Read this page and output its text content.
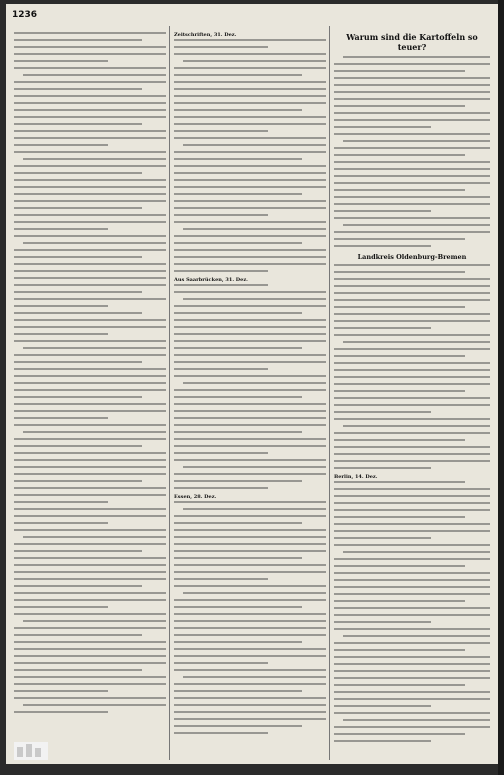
1236

Zeitschriften, 31. Dez.

Aus Saarbrücken, 31. Dez.

Essen, 28. Dez.

Warum sind die Kartoffeln so teuer?
Landkreis Oldenburg-Bremen

Berlin, 14. Dez.
